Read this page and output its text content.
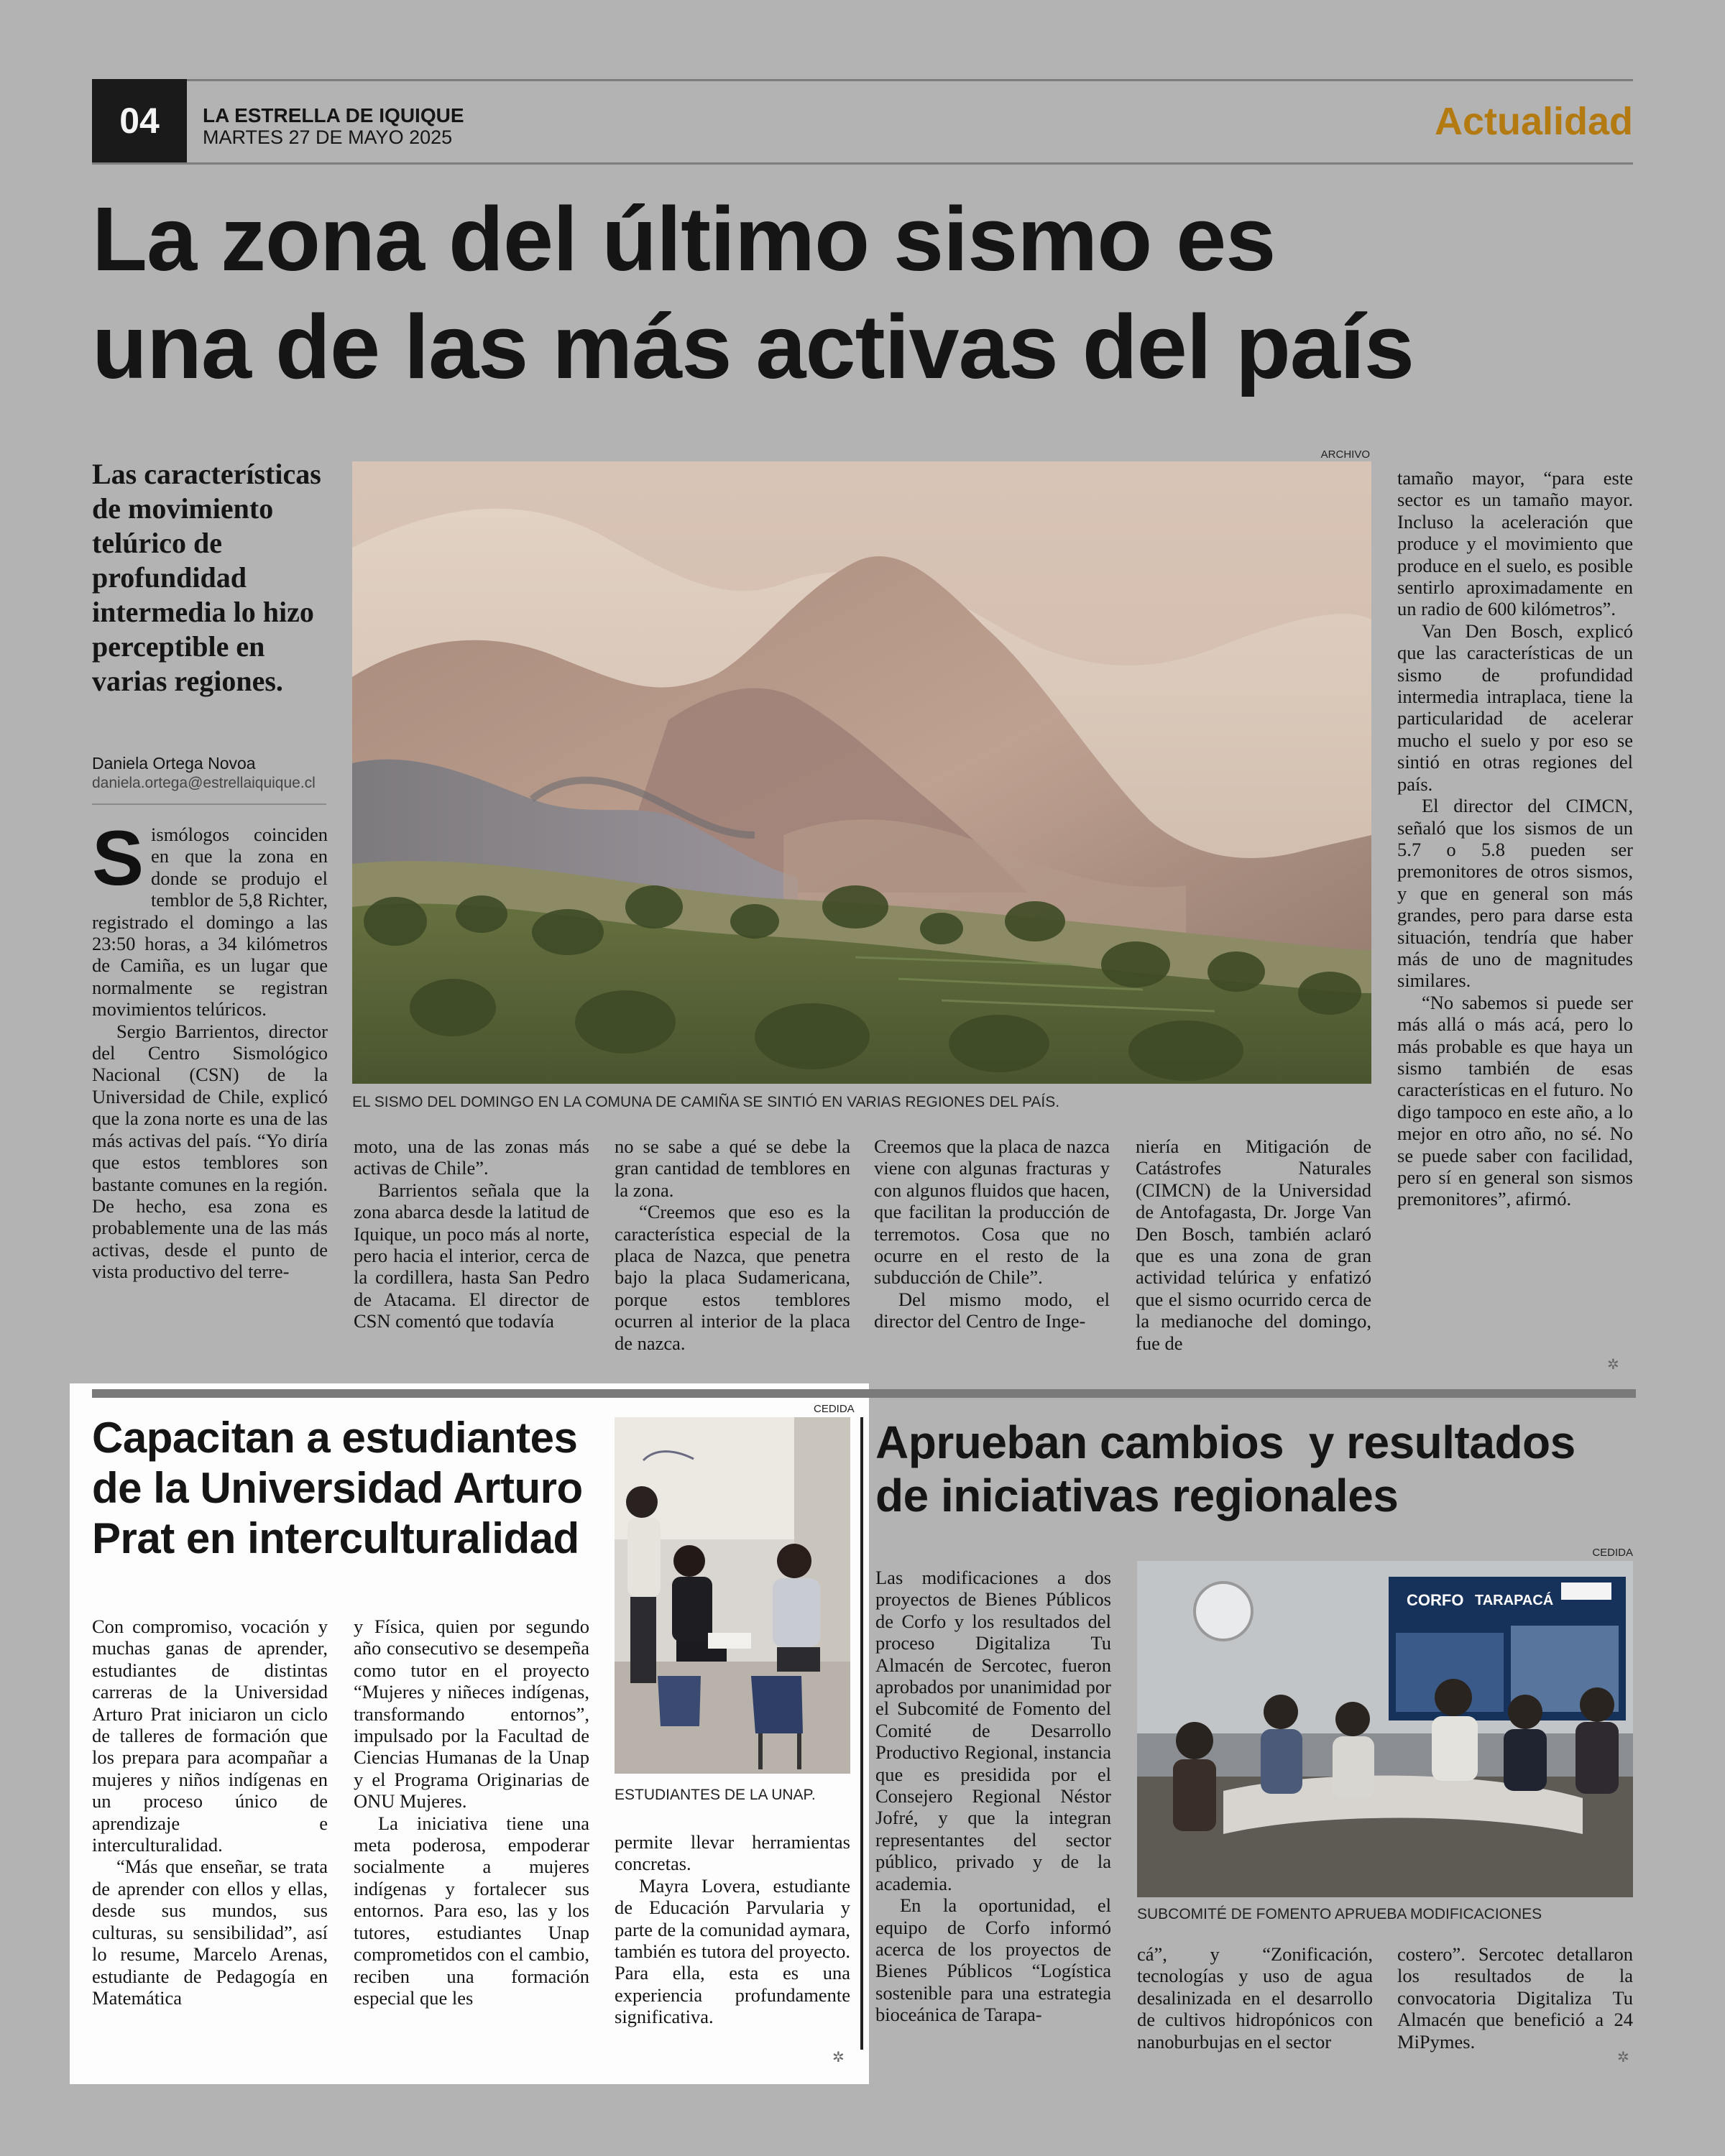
04	LA ESTRELLA DE IQUIQUE
MARTES 27 DE MAYO 2025	Actualidad
La zona del último sismo es
una de las más activas del país
Las características de movimiento telúrico de profundidad intermedia lo hizo perceptible en varias regiones.
Daniela Ortega Novoa
daniela.ortega@estrellaiquique.cl
ARCHIVO
EL SISMO DEL DOMINGO EN LA COMUNA DE CAMIÑA SE SINTIÓ EN VARIAS REGIONES DEL PAÍS.
S ismólogos coinciden en que la zona en donde se produjo el temblor de 5,8 Richter, registrado el domingo a las 23:50 horas, a 34 kilómetros de Camiña, es un lugar que normalmente se registran movimientos telúricos.

Sergio Barrientos, director del Centro Sismológico Nacional (CSN) de la Universidad de Chile, explicó que la zona norte es una de las más activas del país. “Yo diría que estos temblores son bastante comunes en la región. De hecho, esa zona es probablemente una de las más activas, desde el punto de vista productivo del terre-

moto, una de las zonas más activas de Chile”.

Barrientos señala que la zona abarca desde la latitud de Iquique, un poco más al norte, pero hacia el interior, cerca de la cordillera, hasta San Pedro de Atacama. El director de CSN comentó que todavía

no se sabe a qué se debe la gran cantidad de temblores en la zona.

“Creemos que eso es la característica especial de la placa de Nazca, que penetra bajo la placa Sudamericana, porque estos temblores ocurren al interior de la placa de nazca.

Creemos que la placa de nazca viene con algunas fracturas y con algunos fluidos que hacen, que facilitan la producción de terremotos. Cosa que no ocurre en el resto de la subducción de Chile”.

Del mismo modo, el director del Centro de Inge-

niería en Mitigación de Catástrofes Naturales (CIMCN) de la Universidad de Antofagasta, Dr. Jorge Van Den Bosch, también aclaró que es una zona de gran actividad telúrica y enfatizó que el sismo ocurrido cerca de la medianoche del domingo, fue de

tamaño mayor, “para este sector es un tamaño mayor. Incluso la aceleración que produce y el movimiento que produce en el suelo, es posible sentirlo aproximadamente en un radio de 600 kilómetros”.

Van Den Bosch, explicó que las características de un sismo de profundidad intermedia intraplaca, tiene la particularidad de acelerar mucho el suelo y por eso se sintió en otras regiones del país.

El director del CIMCN, señaló que los sismos de un 5.7 o 5.8 pueden ser premonitores de otros sismos, y que en general son más grandes, pero para darse esta situación, tendría que haber más de uno de magnitudes similares.

“No sabemos si puede ser más allá o más acá, pero lo más probable es que haya un sismo también de esas características en el futuro. No digo tampoco en este año, a lo mejor en otro año, no sé. No se puede saber con facilidad, pero sí en general son sismos premonitores”, afirmó.

✲
Capacitan a estudiantes
de la Universidad Arturo
Prat en interculturalidad
CEDIDA
ESTUDIANTES DE LA UNAP.

Con compromiso, vocación y muchas ganas de aprender, estudiantes de distintas carreras de la Universidad Arturo Prat iniciaron un ciclo de talleres de formación que los prepara para acompañar a mujeres y niños indígenas en un proceso único de aprendizaje e interculturalidad.

“Más que enseñar, se trata de aprender con ellos y ellas, desde sus mundos, sus culturas, su sensibilidad”, así lo resume, Marcelo Arenas, estudiante de Pedagogía en Matemática

y Física, quien por segundo año consecutivo se desempeña como tutor en el proyecto “Mujeres y niñeces indígenas, transformando entornos”, impulsado por la Facultad de Ciencias Humanas de la Unap y el Programa Originarias de ONU Mujeres.

La iniciativa tiene una meta poderosa, empoderar socialmente a mujeres indígenas y fortalecer sus entornos. Para eso, las y los tutores, estudiantes Unap comprometidos con el cambio, reciben una formación especial que les

permite llevar herramientas concretas.

Mayra Lovera, estudiante de Educación Parvularia y parte de la comunidad aymara, también es tutora del proyecto. Para ella, esta es una experiencia profundamente significativa.

✲
Aprueban cambios  y resultados
de iniciativas regionales

Las modificaciones a dos proyectos de Bienes Públicos de Corfo y los resultados del proceso Digitaliza Tu Almacén de Sercotec, fueron aprobados por unanimidad por el Subcomité de Fomento del Comité de Desarrollo Productivo Regional, instancia que es presidida por el Consejero Regional Néstor Jofré, y que la integran representantes del sector público, privado y de la academia.

En la oportunidad, el equipo de Corfo informó acerca de los proyectos de Bienes Públicos “Logística sostenible para una estrategia bioceánica de Tarapa-

CEDIDA
CORFO TARAPACÁ
SUBCOMITÉ DE FOMENTO APRUEBA MODIFICACIONES

cá”, y “Zonificación, tecnologías y uso de agua desalinizada en el desarrollo de cultivos hidropónicos con nanoburbujas en el sector

costero”. Sercotec detallaron los resultados de la convocatoria Digitaliza Tu Almacén que benefició a 24 MiPymes.

✲
